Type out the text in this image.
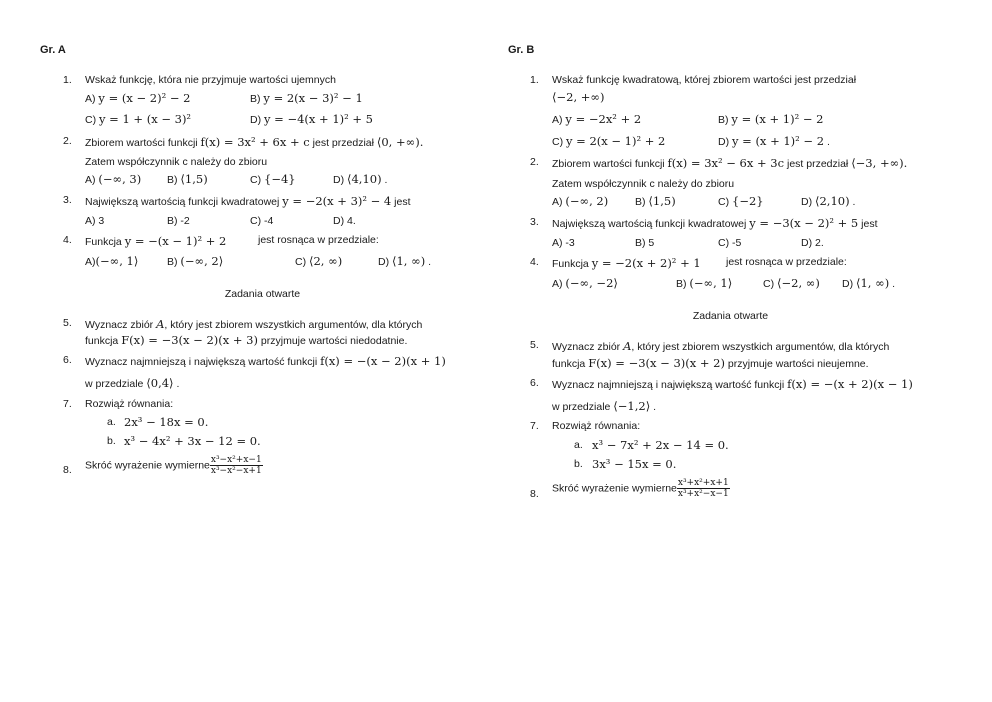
Gr. A
1. Wskaż funkcję, która nie przyjmuje wartości ujemnych
A) y = (x − 2)² − 2	B) y = 2(x − 3)² − 1
C) y = 1 + (x − 3)²	D) y = −4(x + 1)² + 5
2. Zbiorem wartości funkcji f(x) = 3x² + 6x + c jest przedział ⟨0, +∞).
Zatem współczynnik c należy do zbioru
A) (−∞, 3) B) ⟨1,5)	C) {−4}	D) ⟨4,10) .
3. Największą wartością funkcji kwadratowej y = −2(x + 3)² − 4 jest
A) 3	B) -2	C) -4	D) 4.
4. Funkcja y = −(x − 1)² + 2	jest rosnąca w przedziale:
A)(−∞, 1⟩	B) (−∞, 2⟩	C) ⟨2, ∞)	D) ⟨1, ∞) .
Zadania otwarte
5. Wyznacz zbiór A, który jest zbiorem wszystkich argumentów, dla których
funkcja F(x) = −3(x − 2)(x + 3) przyjmuje wartości niedodatnie.
6. Wyznacz najmniejszą i największą wartość funkcji f(x) = −(x − 2)(x + 1)
w przedziale ⟨0,4⟩ .
7. Rozwiąż równania:
a. 2x³ − 18x = 0.
b. x³ − 4x² + 3x − 12 = 0.
8. Skróć wyrażenie wymierne $\frac{\text{x³−x²+x−1}}{\text{x³−x²−x+1}}$
Gr. B
1. Wskaż funkcję kwadratową, której zbiorem wartości jest przedział
⟨−2, +∞)
A) y = −2x² + 2	B) y = (x + 1)² − 2
C) y = 2(x − 1)² + 2	D) y = (x + 1)² − 2 .
2. Zbiorem wartości funkcji f(x) = 3x² − 6x + 3c jest przedział ⟨−3, +∞).
Zatem współczynnik c należy do zbioru
A) (−∞, 2)	B) ⟨1,5)	C) {−2}	D) ⟨2,10) .
3. Największą wartością funkcji kwadratowej y = −3(x − 2)² + 5 jest
A) -3	B) 5	C) -5	D) 2.
4. Funkcja y = −2(x + 2)² + 1 jest rosnąca w przedziale:
A) (−∞, −2⟩	B) (−∞, 1⟩	C) ⟨−2, ∞) D) ⟨1, ∞) .
Zadania otwarte
5. Wyznacz zbiór A, który jest zbiorem wszystkich argumentów, dla których
funkcja F(x) = −3(x − 3)(x + 2) przyjmuje wartości nieujemne.
6. Wyznacz najmniejszą i największą wartość funkcji f(x) = −(x + 2)(x − 1)
w przedziale ⟨−1,2⟩ .
7. Rozwiąż równania:
a. x³ − 7x² + 2x − 14 = 0.
b. 3x³ − 15x = 0.
8. Skróć wyrażenie wymierne $\frac{\text{x³+x²+x+1}}{\text{x³+x²−x−1}}$
